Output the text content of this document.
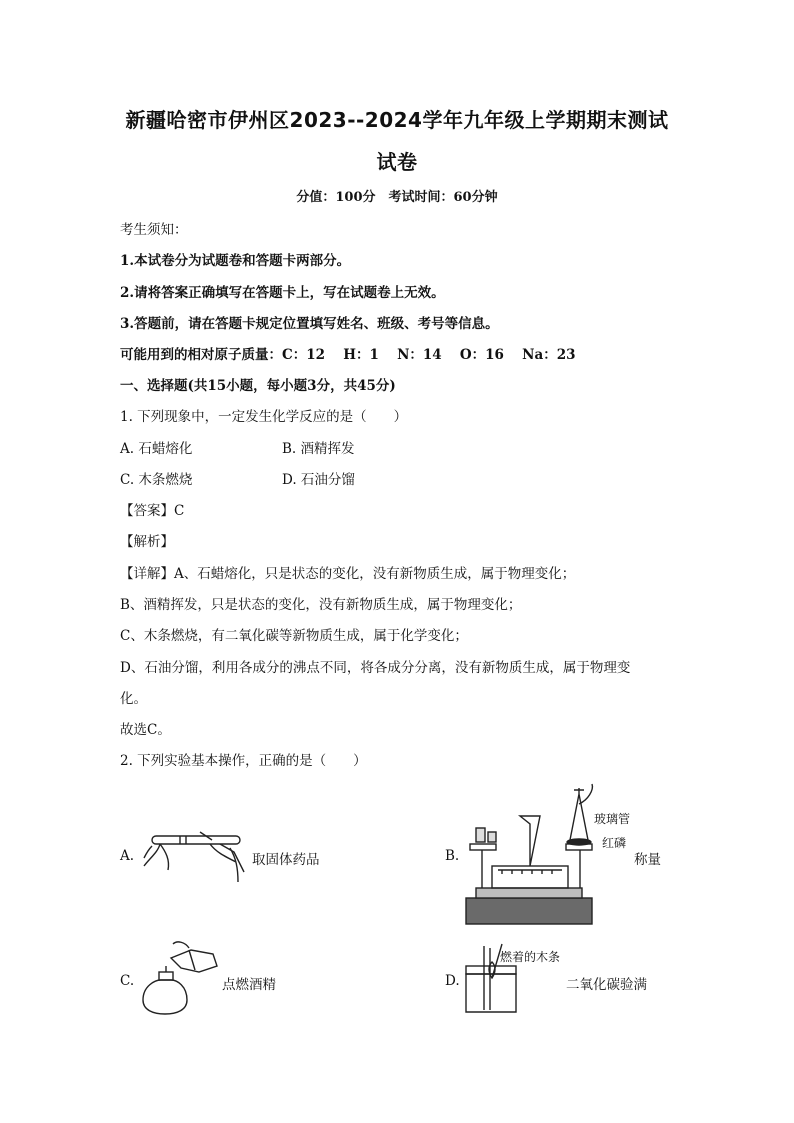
新疆哈密市伊州区2023--2024学年九年级上学期期末测试
试卷
分值：100分　考试时间：60分钟
考生须知：
1.本试卷分为试题卷和答题卡两部分。
2.请将答案正确填写在答题卡上，写在试题卷上无效。
3.答题前，请在答题卡规定位置填写姓名、班级、考号等信息。
可能用到的相对原子质量：C：12　 H：1　 N：14　 O：16　 Na：23
一、选择题(共15小题，每小题3分，共45分)
1. 下列现象中，一定发生化学反应的是（　　）
A. 石蜡熔化	B. 酒精挥发
C. 木条燃烧	D. 石油分馏
【答案】C
【解析】
【详解】A、石蜡熔化，只是状态的变化，没有新物质生成，属于物理变化；
B、酒精挥发，只是状态的变化，没有新物质生成，属于物理变化；
C、木条燃烧，有二氧化碳等新物质生成，属于化学变化；
D、石油分馏，利用各成分的沸点不同，将各成分分离，没有新物质生成，属于物理变
化。
故选C。
2. 下列实验基本操作，正确的是（　　）
A.	取固体药品	B.
玻璃管
红磷
称量
C.	点燃酒精	D.
燃着的木条
二氧化碳验满
